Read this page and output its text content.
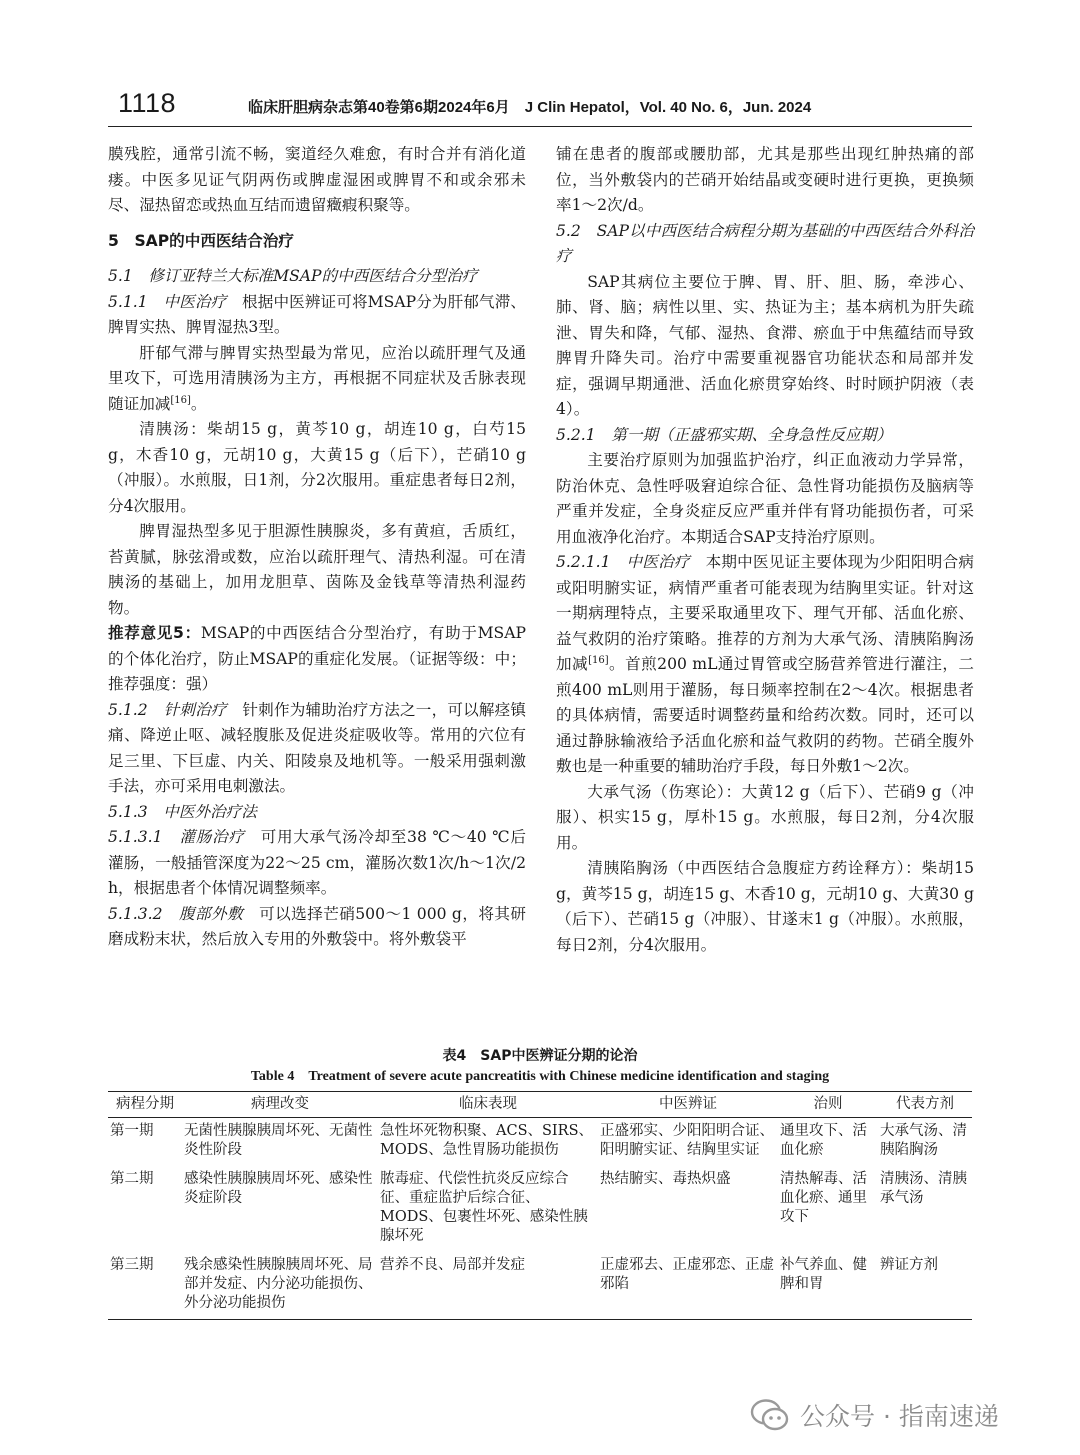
1118	临床肝胆病杂志第40卷第6期2024年6月　J Clin Hepatol，Vol. 40 No. 6，Jun. 2024

膜残腔，通常引流不畅，窦道经久难愈，有时合并有消化道瘘。中医多见证气阴两伤或脾虚湿困或脾胃不和或余邪未尽、湿热留恋或热血互结而遗留癥瘕积聚等。

5　SAP的中西医结合治疗

5.1　修订亚特兰大标准MSAP的中西医结合分型治疗

5.1.1　中医治疗　 根据中医辨证可将MSAP分为肝郁气滞、脾胃实热、脾胃湿热3型。

肝郁气滞与脾胃实热型最为常见，应治以疏肝理气及通里攻下，可选用清胰汤为主方，再根据不同症状及舌脉表现随证加减[16]。

清胰汤：柴胡15 g，黄芩10 g，胡连10 g，白芍15 g，木香10 g，元胡10 g，大黄15 g（后下），芒硝10 g（冲服）。水煎服，日1剂，分2次服用。重症患者每日2剂，分4次服用。

脾胃湿热型多见于胆源性胰腺炎，多有黄疸，舌质红，苔黄腻，脉弦滑或数，应治以疏肝理气、清热利湿。可在清胰汤的基础上，加用龙胆草、茵陈及金钱草等清热利湿药物。

推荐意见5：MSAP的中西医结合分型治疗，有助于MSAP的个体化治疗，防止MSAP的重症化发展。（证据等级：中；推荐强度：强）

5.1.2　针刺治疗　 针刺作为辅助治疗方法之一，可以解痉镇痛、降逆止呕、减轻腹胀及促进炎症吸收等。常用的穴位有足三里、下巨虚、内关、阳陵泉及地机等。一般采用强刺激手法，亦可采用电刺激法。

5.1.3　中医外治疗法

5.1.3.1　灌肠治疗　 可用大承气汤冷却至38 ℃～40 ℃后灌肠，一般插管深度为22～25 cm，灌肠次数1次/h～1次/2 h，根据患者个体情况调整频率。

5.1.3.2　腹部外敷　 可以选择芒硝500～1 000 g，将其研磨成粉末状，然后放入专用的外敷袋中。将外敷袋平

铺在患者的腹部或腰肋部，尤其是那些出现红肿热痛的部位，当外敷袋内的芒硝开始结晶或变硬时进行更换，更换频率1～2次/d。

5.2　SAP以中西医结合病程分期为基础的中西医结合外科治疗

SAP其病位主要位于脾、胃、肝、胆、肠，牵涉心、肺、肾、脑；病性以里、实、热证为主；基本病机为肝失疏泄、胃失和降，气郁、湿热、食滞、瘀血于中焦蕴结而导致脾胃升降失司。治疗中需要重视器官功能状态和局部并发症，强调早期通泄、活血化瘀贯穿始终、时时顾护阴液（表4）。

5.2.1　第一期（正盛邪实期、全身急性反应期）

主要治疗原则为加强监护治疗，纠正血液动力学异常，防治休克、急性呼吸窘迫综合征、急性肾功能损伤及脑病等严重并发症，全身炎症反应严重并伴有肾功能损伤者，可采用血液净化治疗。本期适合SAP支持治疗原则。

5.2.1.1　中医治疗　 本期中医见证主要体现为少阳阳明合病或阳明腑实证，病情严重者可能表现为结胸里实证。针对这一期病理特点，主要采取通里攻下、理气开郁、活血化瘀、益气救阴的治疗策略。推荐的方剂为大承气汤、清胰陷胸汤加减[16]。首煎200 mL通过胃管或空肠营养管进行灌注，二煎400 mL则用于灌肠，每日频率控制在2～4次。根据患者的具体病情，需要适时调整药量和给药次数。同时，还可以通过静脉输液给予活血化瘀和益气救阴的药物。芒硝全腹外敷也是一种重要的辅助治疗手段，每日外敷1～2次。

大承气汤（伤寒论）：大黄12 g（后下）、芒硝9 g（冲服）、枳实15 g，厚朴15 g。水煎服，每日2剂，分4次服用。

清胰陷胸汤（中西医结合急腹症方药诠释方）：柴胡15 g，黄芩15 g，胡连15 g、木香10 g，元胡10 g、大黄30 g（后下）、芒硝15 g（冲服）、甘遂末1 g（冲服）。水煎服，每日2剂，分4次服用。

表4　SAP中医辨证分期的论治
Table 4　Treatment of severe acute pancreatitis with Chinese medicine identification and staging
病程分期	病理改变	临床表现	中医辨证	治则	代表方剂
第一期	无菌性胰腺胰周坏死、无菌性炎性阶段	急性坏死物积聚、ACS、SIRS、MODS、急性胃肠功能损伤	正盛邪实、少阳阳明合证、阳明腑实证、结胸里实证	通里攻下、活血化瘀	大承气汤、清胰陷胸汤
第二期	感染性胰腺胰周坏死、感染性炎症阶段	脓毒症、代偿性抗炎反应综合征、重症监护后综合征、MODS、包裹性坏死、感染性胰腺坏死	热结腑实、毒热炽盛	清热解毒、活血化瘀、通里攻下	清胰汤、清胰承气汤
第三期	残余感染性胰腺胰周坏死、局部并发症、内分泌功能损伤、外分泌功能损伤	营养不良、局部并发症	正虚邪去、正虚邪恋、正虚邪陷	补气养血、健脾和胃	辨证方剂
公众号 · 指南速递
